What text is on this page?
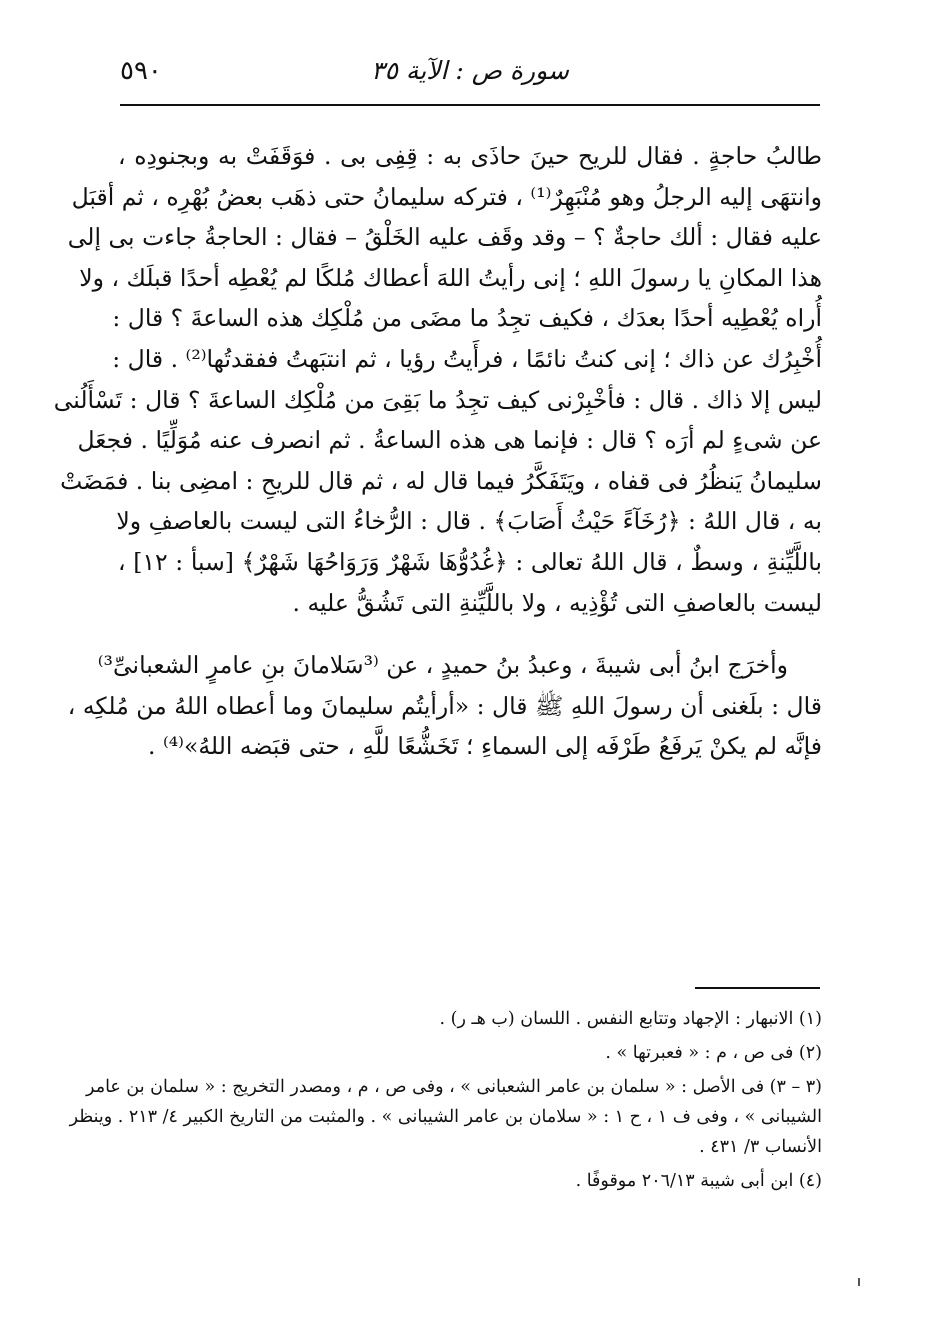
٥٩٠	سورة ص : الآية ٣٥
طالبُ حاجةٍ . فقال للريح حينَ حاذَى به : قِفِى بى . فوَقَفَتْ به وبجنودِه ،
وانتهَى إليه الرجلُ وهو مُنْبَهِرٌ⁽¹⁾ ، فتركه سليمانُ حتى ذهَب بعضُ بُهْرِه ، ثم أقبَل
عليه فقال : ألك حاجةٌ ؟ – وقد وقَف عليه الخَلْقُ – فقال : الحاجةُ جاءت بى إلى
هذا المكانِ يا رسولَ اللهِ ؛ إنى رأيتُ اللهَ أعطاك مُلكًا لم يُعْطِه أحدًا قبلَك ، ولا
أُراه يُعْطِيه أحدًا بعدَك ، فكيف تجِدُ ما مضَى من مُلْكِك هذه الساعةَ ؟ قال :
أُخْبِرُك عن ذاك ؛ إنى كنتُ نائمًا ، فرأَيتُ رؤيا ، ثم انتبَهتُ ففقدتُها⁽²⁾ . قال :
ليس إلا ذاك . قال : فأخْبِرْنى كيف تجِدُ ما بَقِىَ من مُلْكِك الساعةَ ؟ قال : تَسْأَلُنى
عن شىءٍ لم أرَه ؟ قال : فإنما هى هذه الساعةُ . ثم انصرف عنه مُوَلِّيًا . فجعَل
سليمانُ يَنظُرُ فى قفاه ، ويَتَفَكَّرُ فيما قال له ، ثم قال للريحِ : امضِى بنا . فمَضَتْ
به ، قال اللهُ : ﴿رُخَآءً حَيْثُ أَصَابَ﴾ . قال : الرُّخاءُ التى ليست بالعاصفِ ولا
باللَّيِّنةِ ، وسطٌ ، قال اللهُ تعالى : ﴿غُدُوُّهَا شَهْرٌ وَرَوَاحُهَا شَهْرٌ﴾ [سبأ : ١٢] ،
ليست بالعاصفِ التى تُؤْذِيه ، ولا باللَّيِّنةِ التى تَشُقُّ عليه .
وأخرَج ابنُ أبى شيبةَ ، وعبدُ بنُ حميدٍ ، عن ⁽³سَلامانَ بنِ عامرٍ الشعبانىِّ³⁾
قال : بلَغنى أن رسولَ اللهِ ﷺ قال : «أرأيتُم سليمانَ وما أعطاه اللهُ من مُلكِه ،
فإنَّه لم يكنْ يَرفَعُ طَرْفَه إلى السماءِ ؛ تَخَشُّعًا للَّهِ ، حتى قبَضه اللهُ»⁽⁴⁾ .
(١) الانبهار : الإجهاد وتتابع النفس . اللسان (ب هـ ر) .
(٢) فى ص ، م : « فعبرتها » .
(٣ – ٣) فى الأصل : « سلمان بن عامر الشعبانى » ، وفى ص ، م ، ومصدر التخريج : « سلمان بن عامر
الشيبانى » ، وفى ف ١ ، ح ١ : « سلامان بن عامر الشيبانى » . والمثبت من التاريخ الكبير ٤/ ٢١٣ . وينظر
الأنساب ٣/ ٤٣١ .
(٤) ابن أبى شيبة ٢٠٦/١٣ موقوفًا .
